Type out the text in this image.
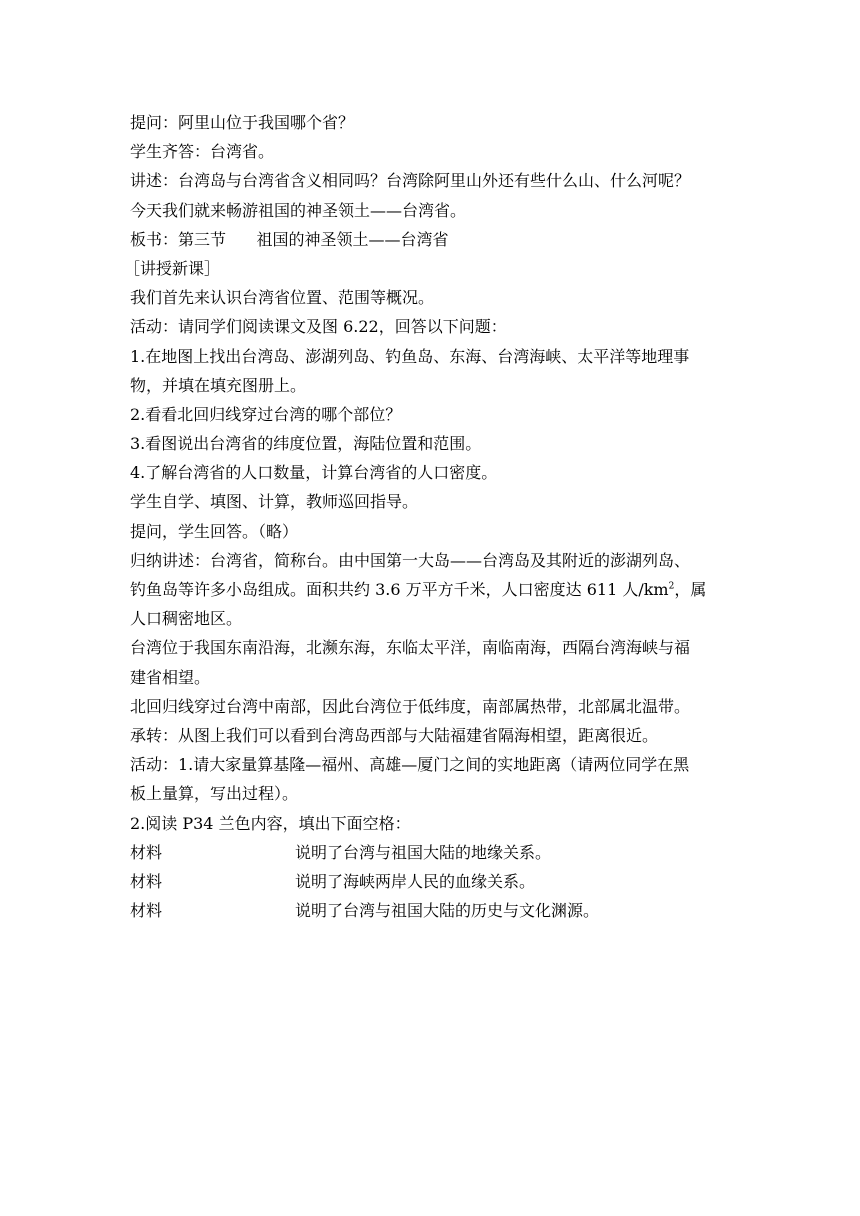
提问：阿里山位于我国哪个省？
学生齐答：台湾省。
讲述：台湾岛与台湾省含义相同吗？台湾除阿里山外还有些什么山、什么河呢？
今天我们就来畅游祖国的神圣领土——台湾省。
板书：第三节      祖国的神圣领土——台湾省
［讲授新课］
我们首先来认识台湾省位置、范围等概况。
活动：请同学们阅读课文及图 6.22，回答以下问题：
1.在地图上找出台湾岛、澎湖列岛、钓鱼岛、东海、台湾海峡、太平洋等地理事
物，并填在填充图册上。
2.看看北回归线穿过台湾的哪个部位？
3.看图说出台湾省的纬度位置，海陆位置和范围。
4.了解台湾省的人口数量，计算台湾省的人口密度。
学生自学、填图、计算，教师巡回指导。
提问，学生回答。（略）
归纳讲述：台湾省，简称台。由中国第一大岛——台湾岛及其附近的澎湖列岛、
钓鱼岛等许多小岛组成。面积共约 3.6 万平方千米，人口密度达 611 人$/km^2$，属
人口稠密地区。
台湾位于我国东南沿海，北濒东海，东临太平洋，南临南海，西隔台湾海峡与福
建省相望。
北回归线穿过台湾中南部，因此台湾位于低纬度，南部属热带，北部属北温带。
承转：从图上我们可以看到台湾岛西部与大陆福建省隔海相望，距离很近。
活动：1.请大家量算基隆—福州、高雄—厦门之间的实地距离（请两位同学在黑
板上量算，写出过程）。
2.阅读 P34 兰色内容，填出下面空格：
材料	说明了台湾与祖国大陆的地缘关系。
材料	说明了海峡两岸人民的血缘关系。
材料	说明了台湾与祖国大陆的历史与文化渊源。
